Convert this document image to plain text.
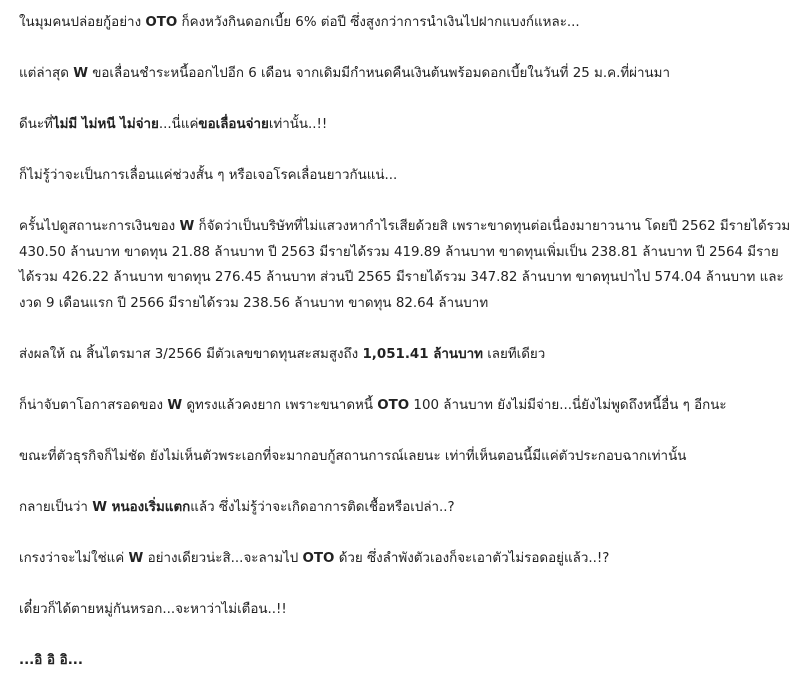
ในมุมคนปล่อยกู้อย่าง OTO ก็คงหวังกินดอกเบี้ย 6% ต่อปี ซึ่งสูงกว่าการนำเงินไปฝากแบงก์แหละ...

แต่ล่าสุด W ขอเลื่อนชำระหนี้ออกไปอีก 6 เดือน จากเดิมมีกำหนดคืนเงินต้นพร้อมดอกเบี้ยในวันที่ 25 ม.ค.ที่ผ่านมา

ดีนะที่ไม่มี ไม่หนี ไม่จ่าย...นี่แค่ขอเลื่อนจ่ายเท่านั้น..!!

ก็ไม่รู้ว่าจะเป็นการเลื่อนแค่ช่วงสั้น ๆ หรือเจอโรคเลื่อนยาวกันแน่...

ครั้นไปดูสถานะการเงินของ W ก็จัดว่าเป็นบริษัทที่ไม่แสวงหากำไรเสียด้วยสิ เพราะขาดทุนต่อเนื่องมายาวนาน โดยปี 2562 มีรายได้รวม 430.50 ล้านบาท ขาดทุน 21.88 ล้านบาท ปี 2563 มีรายได้รวม 419.89 ล้านบาท ขาดทุนเพิ่มเป็น 238.81 ล้านบาท ปี 2564 มีรายได้รวม 426.22 ล้านบาท ขาดทุน 276.45 ล้านบาท ส่วนปี 2565 มีรายได้รวม 347.82 ล้านบาท ขาดทุนปาไป 574.04 ล้านบาท และงวด 9 เดือนแรก ปี 2566 มีรายได้รวม 238.56 ล้านบาท ขาดทุน 82.64 ล้านบาท

ส่งผลให้ ณ สิ้นไตรมาส 3/2566 มีตัวเลขขาดทุนสะสมสูงถึง 1,051.41 ล้านบาท เลยทีเดียว

ก็น่าจับตาโอกาสรอดของ W ดูทรงแล้วคงยาก เพราะขนาดหนี้ OTO 100 ล้านบาท ยังไม่มีจ่าย...นี่ยังไม่พูดถึงหนี้อื่น ๆ อีกนะ

ขณะที่ตัวธุรกิจก็ไม่ชัด ยังไม่เห็นตัวพระเอกที่จะมากอบกู้สถานการณ์เลยนะ เท่าที่เห็นตอนนี้มีแค่ตัวประกอบฉากเท่านั้น

กลายเป็นว่า W หนองเริ่มแตกแล้ว ซึ่งไม่รู้ว่าจะเกิดอาการติดเชื้อหรือเปล่า..?

เกรงว่าจะไม่ใช่แค่ W อย่างเดียวน่ะสิ...จะลามไป OTO ด้วย ซึ่งลำพังตัวเองก็จะเอาตัวไม่รอดอยู่แล้ว..!?

เดี๋ยวก็ได้ตายหมู่กันหรอก...จะหาว่าไม่เตือน..!!

...อิ อิ อิ...
